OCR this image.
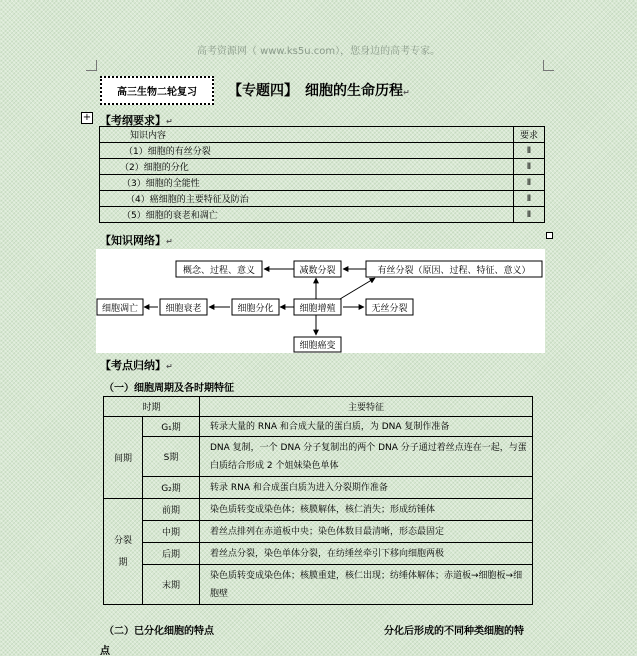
高考资源网（ www.ks5u.com），您身边的高考专家。
高三生物二轮复习	【专题四】　细胞的生命历程↵
+ 【考纲要求】↵
知识内容	要求
（1）细胞的有丝分裂	Ⅱ
（2）细胞的分化	Ⅱ
（3）细胞的全能性	Ⅱ
（4）癌细胞的主要特征及防治	Ⅱ
（5）细胞的衰老和凋亡	Ⅱ
【知识网络】↵
概念、过程、意义	减数分裂	有丝分裂（原因、过程、特征、意义）
细胞凋亡	细胞衰老	细胞分化	细胞增殖	无丝分裂
细胞癌变
【考点归纳】↵
（一）细胞周期及各时期特征
时期		主要特征
间期	G₁期	转录大量的 RNA 和合成大量的蛋白质，为 DNA 复制作准备
	S期	DNA 复制，一个 DNA 分子复制出的两个 DNA 分子通过着丝点连在一起，与蛋白质结合形成 2 个姐妹染色单体
	G₂期	转录 RNA 和合成蛋白质为进入分裂期作准备
分裂期	前期	染色质转变成染色体；核膜解体，核仁消失；形成纺锤体
	中期	着丝点排列在赤道板中央；染色体数目最清晰，形态最固定
	后期	着丝点分裂，染色单体分裂，在纺缍丝牵引下移向细胞两极
	末期	染色质转变成染色体；核膜重建，核仁出现；纺缍体解体；赤道板→细胞板→细胞壁
（二）已分化细胞的特点	分化后形成的不同种类细胞的特
点
